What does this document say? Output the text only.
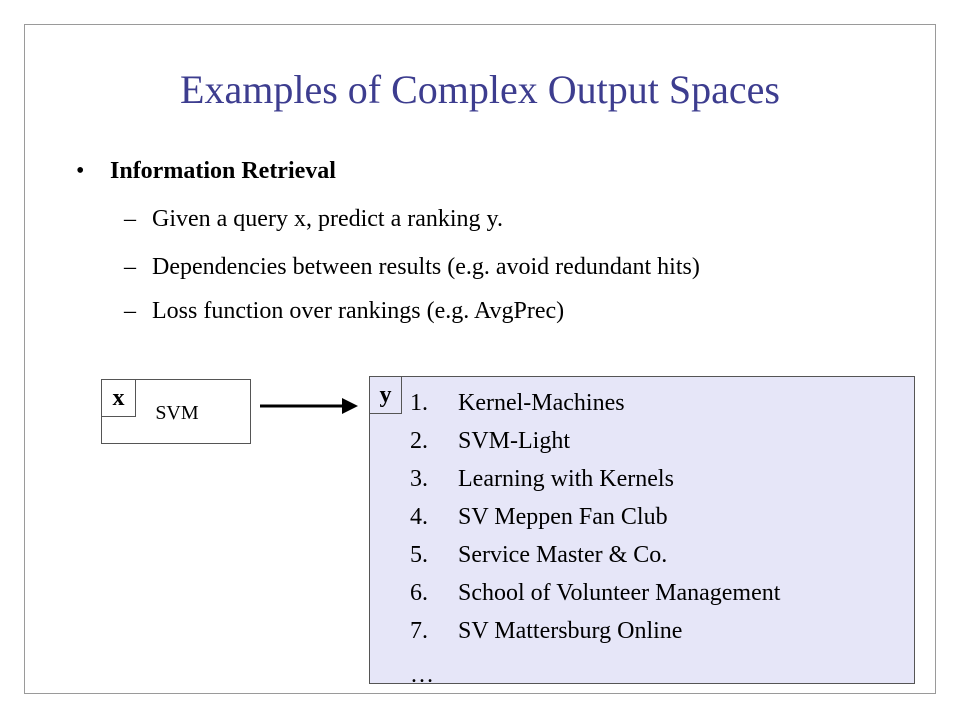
Examples of Complex Output Spaces
• Information Retrieval
– Given a query x, predict a ranking y.
– Dependencies between results (e.g. avoid redundant hits)
– Loss function over rankings (e.g. AvgPrec)
SVM
x	y 1. Kernel-Machines
2. SVM-Light
3. Learning with Kernels
4. SV Meppen Fan Club
5. Service Master & Co.
6. School of Volunteer Management
7. SV Mattersburg Online
…
